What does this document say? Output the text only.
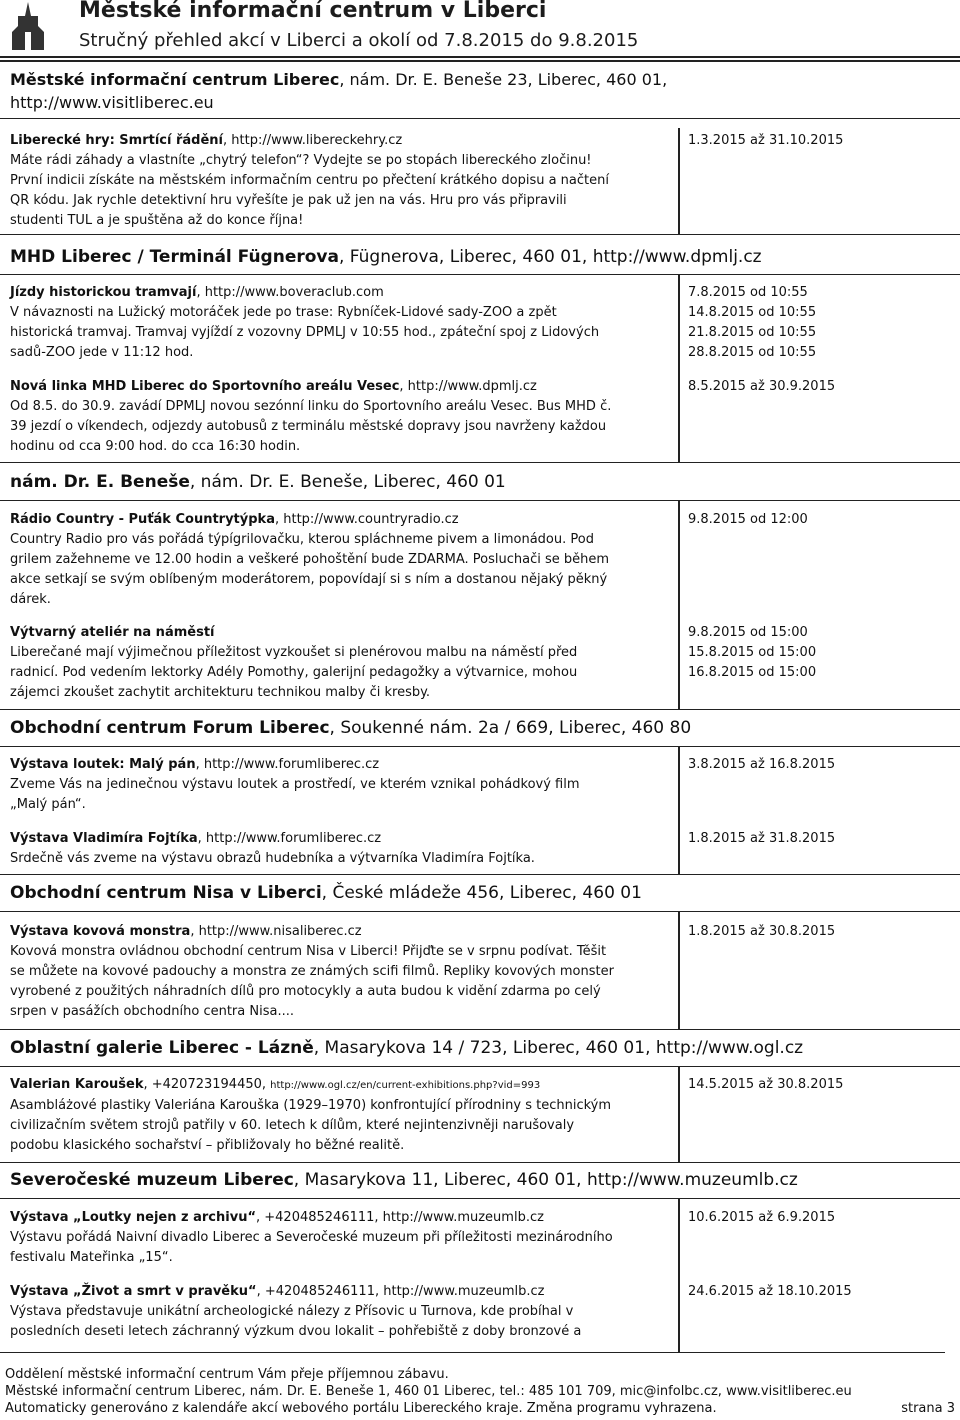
Městské informační centrum v Liberci
Stručný přehled akcí v Liberci a okolí od 7.8.2015 do 9.8.2015
Městské informační centrum Liberec, nám. Dr. E. Beneše 23, Liberec, 460 01,
http://www.visitliberec.eu
Liberecké hry: Smrtící řádění, http://www.libereckehry.cz
Máte rádi záhady a vlastníte „chytrý telefon“? Vydejte se po stopách libereckého zločinu!
První indicii získáte na městském informačním centru po přečtení krátkého dopisu a načtení
QR kódu. Jak rychle detektivní hru vyřešíte je pak už jen na vás. Hru pro vás připravili
studenti TUL a je spuštěna až do konce října!
1.3.2015 až 31.10.2015
MHD Liberec / Terminál Fügnerova, Fügnerova, Liberec, 460 01, http://www.dpmlj.cz
Jízdy historickou tramvají, http://www.boveraclub.com
V návaznosti na Lužický motoráček jede po trase: Rybníček-Lidové sady-ZOO a zpět
historická tramvaj. Tramvaj vyjíždí z vozovny DPMLJ v 10:55 hod., zpáteční spoj z Lidových
sadů-ZOO jede v 11:12 hod.
7.8.2015 od 10:55
14.8.2015 od 10:55
21.8.2015 od 10:55
28.8.2015 od 10:55
Nová linka MHD Liberec do Sportovního areálu Vesec, http://www.dpmlj.cz
Od 8.5. do 30.9. zavádí DPMLJ novou sezónní linku do Sportovního areálu Vesec. Bus MHD č.
39 jezdí o víkendech, odjezdy autobusů z terminálu městské dopravy jsou navrženy každou
hodinu od cca 9:00 hod. do cca 16:30 hodin.
8.5.2015 až 30.9.2015
nám. Dr. E. Beneše, nám. Dr. E. Beneše, Liberec, 460 01
Rádio Country - Puťák Countrytýpka, http://www.countryradio.cz
Country Radio pro vás pořádá týpígrilovačku, kterou spláchneme pivem a limonádou. Pod
grilem zažehneme ve 12.00 hodin a veškeré pohoštění bude ZDARMA. Posluchači se během
akce setkají se svým oblíbeným moderátorem, popovídají si s ním a dostanou nějaký pěkný
dárek.
9.8.2015 od 12:00
Výtvarný ateliér na náměstí
Liberečané mají výjimečnou příležitost vyzkoušet si plenérovou malbu na náměstí před
radnicí. Pod vedením lektorky Adély Pomothy, galerijní pedagožky a výtvarnice, mohou
zájemci zkoušet zachytit architekturu technikou malby či kresby.
9.8.2015 od 15:00
15.8.2015 od 15:00
16.8.2015 od 15:00
Obchodní centrum Forum Liberec, Soukenné nám. 2a / 669, Liberec, 460 80
Výstava loutek: Malý pán, http://www.forumliberec.cz
Zveme Vás na jedinečnou výstavu loutek a prostředí, ve kterém vznikal pohádkový film
„Malý pán“.
3.8.2015 až 16.8.2015
Výstava Vladimíra Fojtíka, http://www.forumliberec.cz
Srdečně vás zveme na výstavu obrazů hudebníka a výtvarníka Vladimíra Fojtíka.
1.8.2015 až 31.8.2015
Obchodní centrum Nisa v Liberci, České mládeže 456, Liberec, 460 01
Výstava kovová monstra, http://www.nisaliberec.cz
Kovová monstra ovládnou obchodní centrum Nisa v Liberci! Přijďte se v srpnu podívat. Těšit
se můžete na kovové padouchy a monstra ze známých scifi filmů. Repliky kovových monster
vyrobené z použitých náhradních dílů pro motocykly a auta budou k vidění zdarma po celý
srpen v pasážích obchodního centra Nisa....
1.8.2015 až 30.8.2015
Oblastní galerie Liberec - Lázně, Masarykova 14 / 723, Liberec, 460 01, http://www.ogl.cz
Valerian Karoušek, +420723194450, http://www.ogl.cz/en/current-exhibitions.php?vid=993
Asambláżové plastiky Valeriána Karouška (1929–1970) konfrontující přírodniny s technickým
civilizačním světem strojů patřily v 60. letech k dílům, které nejintenzivněji narušovaly
podobu klasického sochařství – přibližovaly ho běžné realitě.
14.5.2015 až 30.8.2015
Severočeské muzeum Liberec, Masarykova 11, Liberec, 460 01, http://www.muzeumlb.cz
Výstava „Loutky nejen z archivu“, +420485246111, http://www.muzeumlb.cz
Výstavu pořádá Naivní divadlo Liberec a Severočeské muzeum při příležitosti mezinárodního
festivalu Mateřinka „15“.
10.6.2015 až 6.9.2015
Výstava „Život a smrt v pravěku“, +420485246111, http://www.muzeumlb.cz
Výstava představuje unikátní archeologické nálezy z Přísovic u Turnova, kde probíhal v
posledních deseti letech záchranný výzkum dvou lokalit – pohřebiště z doby bronzové a
24.6.2015 až 18.10.2015
Oddělení městské informační centrum Vám přeje příjemnou zábavu.
Městské informační centrum Liberec, nám. Dr. E. Beneše 1, 460 01 Liberec, tel.: 485 101 709, mic@infolbc.cz, www.visitliberec.eu
Automaticky generováno z kalendáře akcí webového portálu Libereckého kraje. Změna programu vyhrazena.	strana 3
